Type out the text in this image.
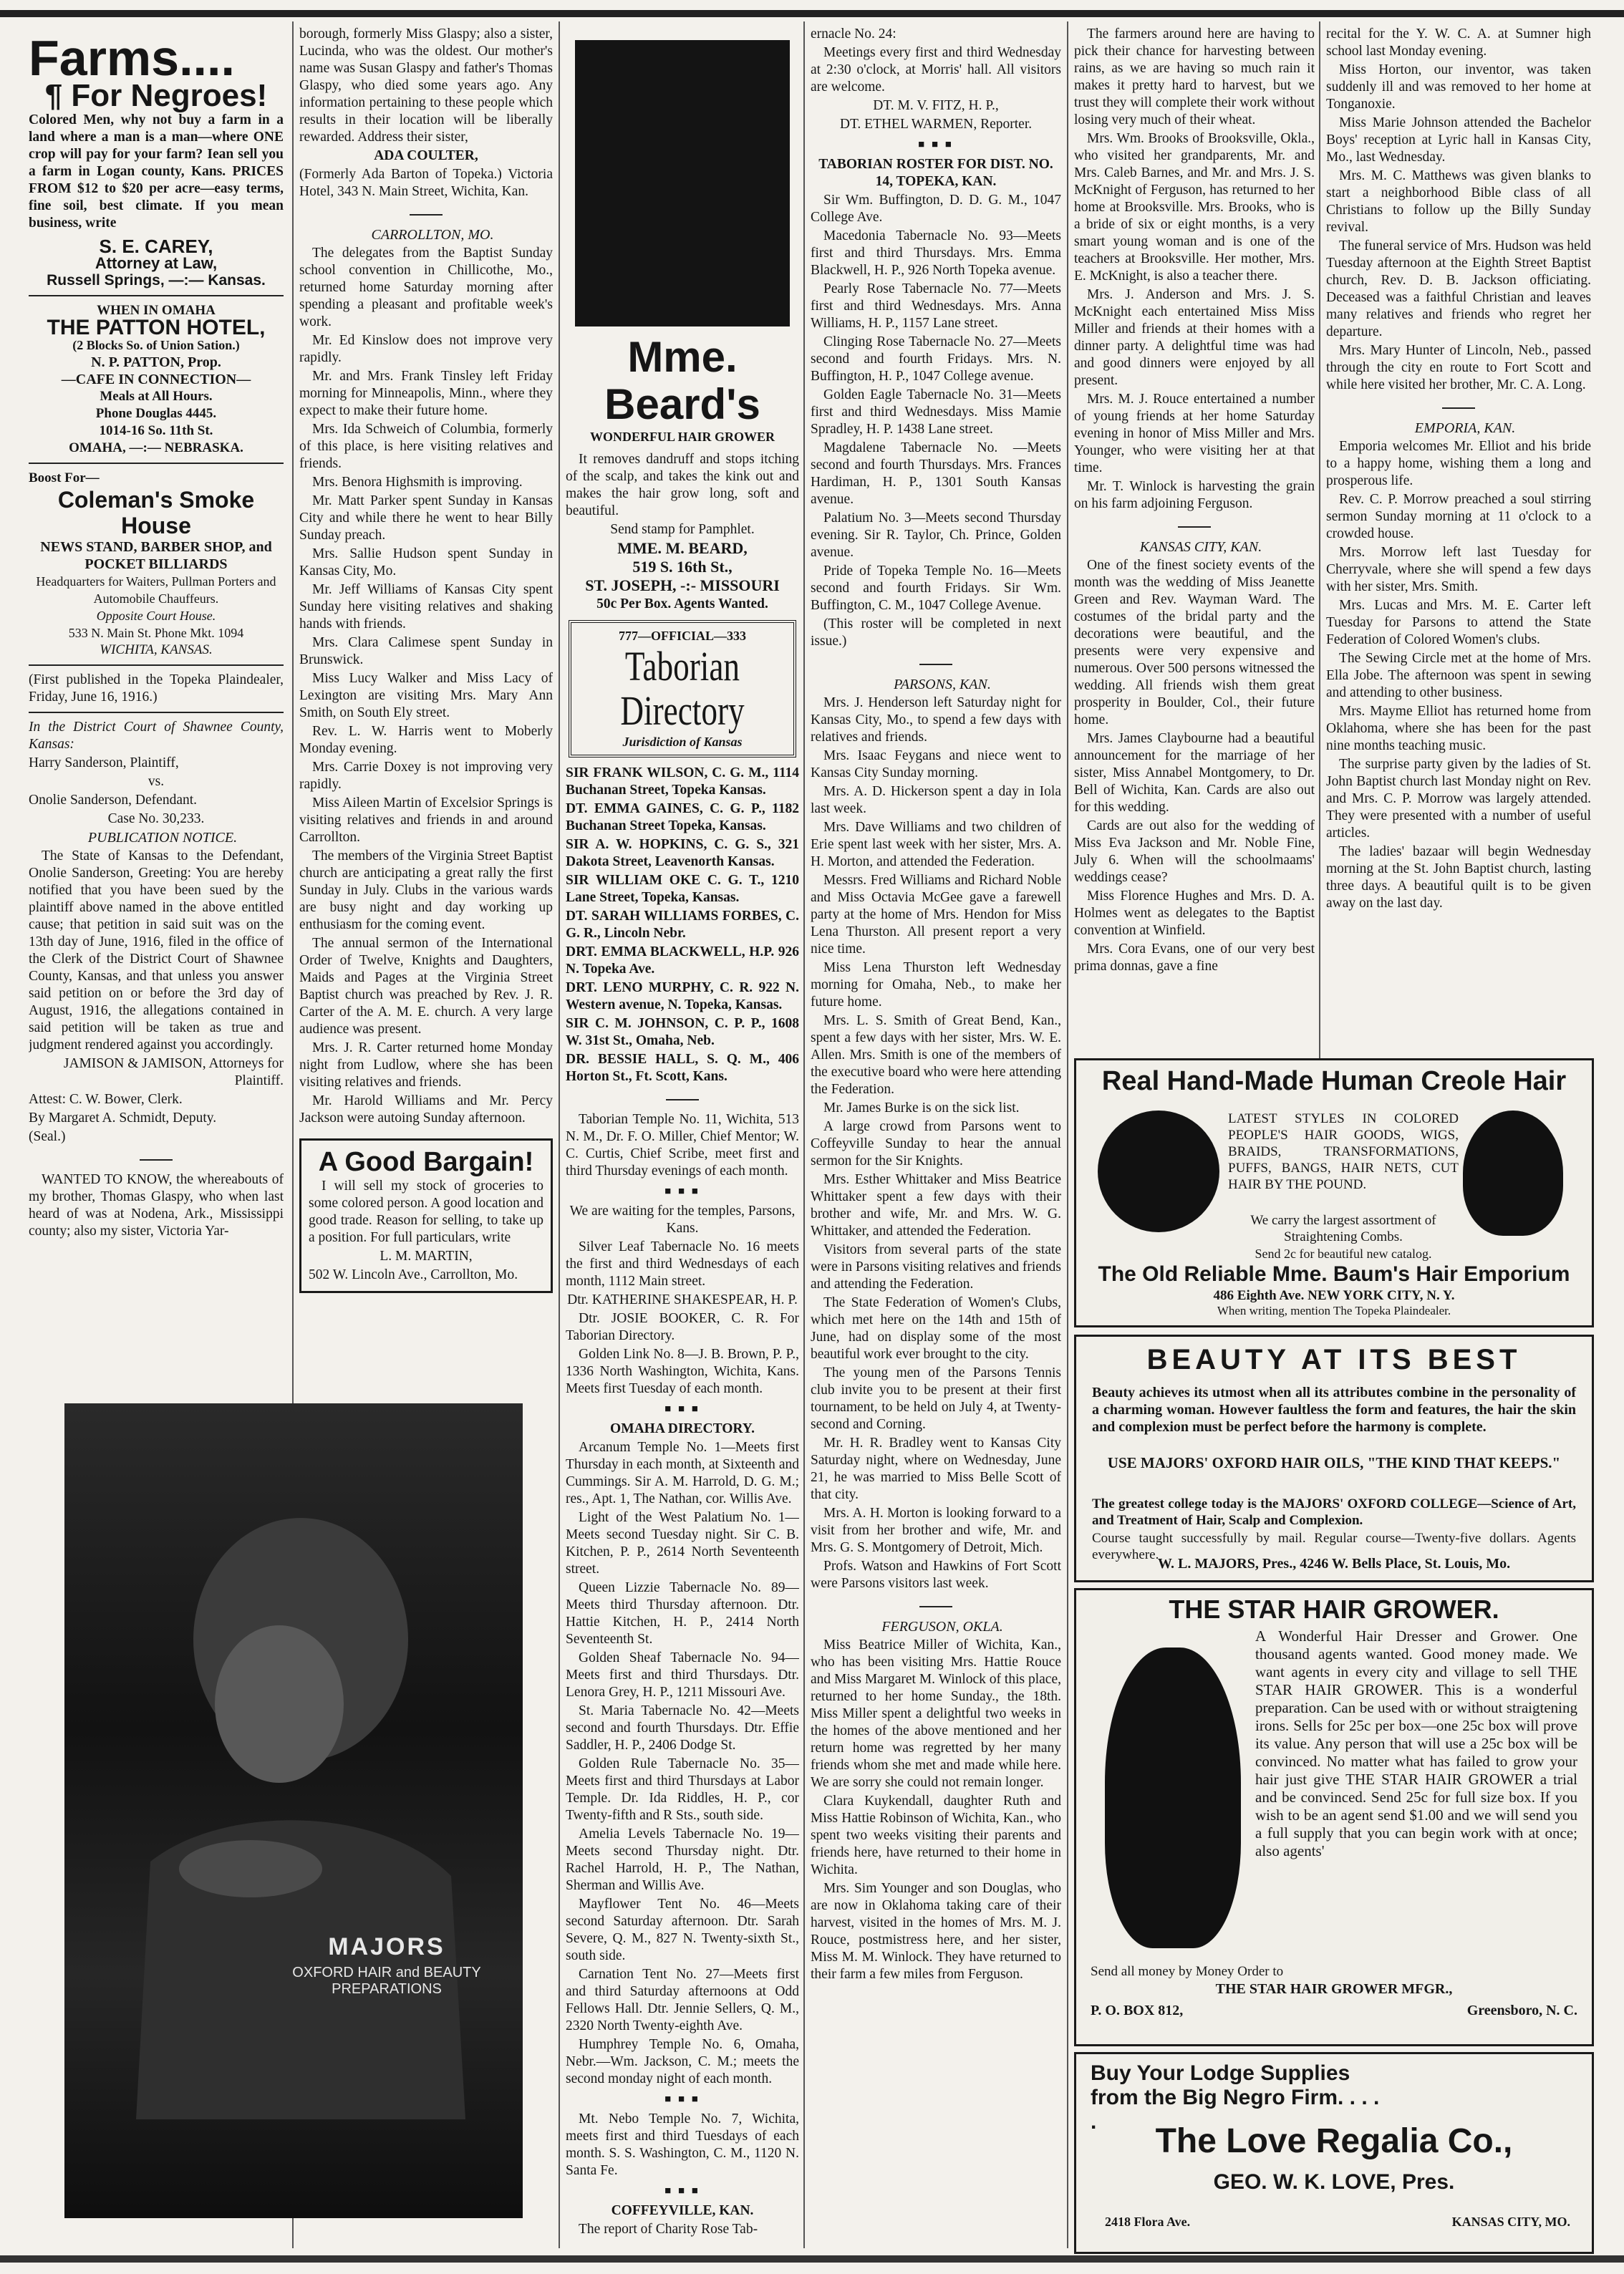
Farms....
¶ For Negroes!

Colored Men, why not buy a farm in a land where a man is a man—where ONE crop will pay for your farm? Iean sell you a farm in Logan county, Kans. PRICES FROM $12 to $20 per acre—easy terms, fine soil, best climate. If you mean business, write

S. E. CAREY,
Attorney at Law,
Russell Springs, —:— Kansas.
WHEN IN OMAHA
THE PATTON HOTEL,
(2 Blocks So. of Union Sation.)
N. P. PATTON, Prop.
—CAFE IN CONNECTION—
Meals at All Hours.
Phone Douglas 4445.
1014-16 So. 11th St.
OMAHA, —:— NEBRASKA.
Boost For—
Coleman's Smoke House
NEWS STAND, BARBER SHOP, and
POCKET BILLIARDS
Headquarters for Waiters, Pullman Porters and Automobile Chauffeurs.
Opposite Court House.
533 N. Main St. Phone Mkt. 1094
WICHITA, KANSAS.

(First published in the Topeka Plaindealer, Friday, June 16, 1916.)

In the District Court of Shawnee County, Kansas:

Harry Sanderson, Plaintiff,

vs.

Onolie Sanderson, Defendant.

Case No. 30,233.

PUBLICATION NOTICE.

The State of Kansas to the Defendant, Onolie Sanderson, Greeting: You are hereby notified that you have been sued by the plaintiff above named in the above entitled cause; that petition in said suit was on the 13th day of June, 1916, filed in the office of the Clerk of the District Court of Shawnee County, Kansas, and that unless you answer said petition on or before the 3rd day of August, 1916, the allegations contained in said petition will be taken as true and judgment rendered against you accordingly.

JAMISON & JAMISON, Attorneys for Plaintiff.

Attest: C. W. Bower, Clerk.

By Margaret A. Schmidt, Deputy.

(Seal.)

WANTED TO KNOW, the whereabouts of my brother, Thomas Glaspy, who when last heard of was at Nodena, Ark., Mississippi county; also my sister, Victoria Yar-

MAJORS
OXFORD HAIR and BEAUTY PREPARATIONS

borough, formerly Miss Glaspy; also a sister, Lucinda, who was the oldest. Our mother's name was Susan Glaspy and father's Thomas Glaspy, who died some years ago. Any information pertaining to these people which results in their location will be liberally rewarded. Address their sister,

ADA COULTER,

(Formerly Ada Barton of Topeka.) Victoria Hotel, 343 N. Main Street, Wichita, Kan.

CARROLLTON, MO.

The delegates from the Baptist Sunday school convention in Chillicothe, Mo., returned home Saturday morning after spending a pleasant and profitable week's work.

Mr. Ed Kinslow does not improve very rapidly.

Mr. and Mrs. Frank Tinsley left Friday morning for Minneapolis, Minn., where they expect to make their future home.

Mrs. Ida Schweich of Columbia, formerly of this place, is here visiting relatives and friends.

Mrs. Benora Highsmith is improving.

Mr. Matt Parker spent Sunday in Kansas City and while there he went to hear Billy Sunday preach.

Mrs. Sallie Hudson spent Sunday in Kansas City, Mo.

Mr. Jeff Williams of Kansas City spent Sunday here visiting relatives and shaking hands with friends.

Mrs. Clara Calimese spent Sunday in Brunswick.

Miss Lucy Walker and Miss Lacy of Lexington are visiting Mrs. Mary Ann Smith, on South Ely street.

Rev. L. W. Harris went to Moberly Monday evening.

Mrs. Carrie Doxey is not improving very rapidly.

Miss Aileen Martin of Excelsior Springs is visiting relatives and friends in and around Carrollton.

The members of the Virginia Street Baptist church are anticipating a great rally the first Sunday in July. Clubs in the various wards are busy night and day working up enthusiasm for the coming event.

The annual sermon of the International Order of Twelve, Knights and Daughters, Maids and Pages at the Virginia Street Baptist church was preached by Rev. J. R. Carter of the A. M. E. church. A very large audience was present.

Mrs. J. R. Carter returned home Monday night from Ludlow, where she has been visiting relatives and friends.

Mr. Harold Williams and Mr. Percy Jackson were autoing Sunday afternoon.

A Good Bargain!

I will sell my stock of groceries to some colored person. A good location and good trade. Reason for selling, to take up a position. For full particulars, write

L. M. MARTIN,

502 W. Lincoln Ave., Carrollton, Mo.

Mme. Beard's
WONDERFUL HAIR GROWER

It removes dandruff and stops itching of the scalp, and takes the kink out and makes the hair grow long, soft and beautiful.

Send stamp for Pamphlet.

MME. M. BEARD,

519 S. 16th St.,

ST. JOSEPH, -:- MISSOURI

50c Per Box. Agents Wanted.

777—OFFICIAL—333
Taborian Directory
Jurisdiction of Kansas

SIR FRANK WILSON, C. G. M., 1114 Buchanan Street, Topeka Kansas.

DT. EMMA GAINES, C. G. P., 1182 Buchanan Street Topeka, Kansas.

SIR A. W. HOPKINS, C. G. S., 321 Dakota Street, Leavenorth Kansas.

SIR WILLIAM OKE C. G. T., 1210 Lane Street, Topeka, Kansas.

DT. SARAH WILLIAMS FORBES, C. G. R., Lincoln Nebr.

DRT. EMMA BLACKWELL, H.P. 926 N. Topeka Ave.

DRT. LENO MURPHY, C. R. 922 N. Western avenue, N. Topeka, Kansas.

SIR C. M. JOHNSON, C. P. P., 1608 W. 31st St., Omaha, Neb.

DR. BESSIE HALL, S. Q. M., 406 Horton St., Ft. Scott, Kans.

Taborian Temple No. 11, Wichita, 513 N. M., Dr. F. O. Miller, Chief Mentor; W. C. Curtis, Chief Scribe, meet first and third Thursday evenings of each month.

■ ■ ■

We are waiting for the temples, Parsons, Kans.

Silver Leaf Tabernacle No. 16 meets the first and third Wednesdays of each month, 1112 Main street.

Dtr. KATHERINE SHAKESPEAR, H. P.

Dtr. JOSIE BOOKER, C. R. For Taborian Directory.

Golden Link No. 8—J. B. Brown, P. P., 1336 North Washington, Wichita, Kans. Meets first Tuesday of each month.

■ ■ ■

OMAHA DIRECTORY.

Arcanum Temple No. 1—Meets first Thursday in each month, at Sixteenth and Cummings. Sir A. M. Harrold, D. G. M.; res., Apt. 1, The Nathan, cor. Willis Ave.

Light of the West Palatium No. 1—Meets second Tuesday night. Sir C. B. Kitchen, P. P., 2614 North Seventeenth street.

Queen Lizzie Tabernacle No. 89—Meets third Thursday afternoon. Dtr. Hattie Kitchen, H. P., 2414 North Seventeenth St.

Golden Sheaf Tabernacle No. 94—Meets first and third Thursdays. Dtr. Lenora Grey, H. P., 1211 Missouri Ave.

St. Maria Tabernacle No. 42—Meets second and fourth Thursdays. Dtr. Effie Saddler, H. P., 2406 Dodge St.

Golden Rule Tabernacle No. 35—Meets first and third Thursdays at Labor Temple. Dr. Ida Riddles, H. P., cor Twenty-fifth and R Sts., south side.

Amelia Levels Tabernacle No. 19—Meets second Thursday night. Dtr. Rachel Harrold, H. P., The Nathan, Sherman and Willis Ave.

Mayflower Tent No. 46—Meets second Saturday afternoon. Dtr. Sarah Severe, Q. M., 827 N. Twenty-sixth St., south side.

Carnation Tent No. 27—Meets first and third Saturday afternoons at Odd Fellows Hall. Dtr. Jennie Sellers, Q. M., 2320 North Twenty-eighth Ave.

Humphrey Temple No. 6, Omaha, Nebr.—Wm. Jackson, C. M.; meets the second monday night of each month.

■ ■ ■

Mt. Nebo Temple No. 7, Wichita, meets first and third Tuesdays of each month. S. S. Washington, C. M., 1120 N. Santa Fe.

■ ■ ■

COFFEYVILLE, KAN.

The report of Charity Rose Tab-

ernacle No. 24:

Meetings every first and third Wednesday at 2:30 o'clock, at Morris' hall. All visitors are welcome.

DT. M. V. FITZ, H. P.,

DT. ETHEL WARMEN, Reporter.

■ ■ ■

TABORIAN ROSTER FOR DIST. NO. 14, TOPEKA, KAN.

Sir Wm. Buffington, D. D. G. M., 1047 College Ave.

Macedonia Tabernacle No. 93—Meets first and third Thursdays. Mrs. Emma Blackwell, H. P., 926 North Topeka avenue.

Pearly Rose Tabernacle No. 77—Meets first and third Wednesdays. Mrs. Anna Williams, H. P., 1157 Lane street.

Clinging Rose Tabernacle No. 27—Meets second and fourth Fridays. Mrs. N. Buffington, H. P., 1047 College avenue.

Golden Eagle Tabernacle No. 31—Meets first and third Wednesdays. Miss Mamie Spradley, H. P. 1438 Lane street.

Magdalene Tabernacle No. —Meets second and fourth Thursdays. Mrs. Frances Hardiman, H. P., 1301 South Kansas avenue.

Palatium No. 3—Meets second Thursday evening. Sir R. Taylor, Ch. Prince, Golden avenue.

Pride of Topeka Temple No. 16—Meets second and fourth Fridays. Sir Wm. Buffington, C. M., 1047 College Avenue.

(This roster will be completed in next issue.)

PARSONS, KAN.

Mrs. J. Henderson left Saturday night for Kansas City, Mo., to spend a few days with relatives and friends.

Mrs. Isaac Feygans and niece went to Kansas City Sunday morning.

Mrs. A. D. Hickerson spent a day in Iola last week.

Mrs. Dave Williams and two children of Erie spent last week with her sister, Mrs. A. H. Morton, and attended the Federation.

Messrs. Fred Williams and Richard Noble and Miss Octavia McGee gave a farewell party at the home of Mrs. Hendon for Miss Lena Thurston. All present report a very nice time.

Miss Lena Thurston left Wednesday morning for Omaha, Neb., to make her future home.

Mrs. L. S. Smith of Great Bend, Kan., spent a few days with her sister, Mrs. W. E. Allen. Mrs. Smith is one of the members of the executive board who were here attending the Federation.

Mr. James Burke is on the sick list.

A large crowd from Parsons went to Coffeyville Sunday to hear the annual sermon for the Sir Knights.

Mrs. Esther Whittaker and Miss Beatrice Whittaker spent a few days with their brother and wife, Mr. and Mrs. W. G. Whittaker, and attended the Federation.

Visitors from several parts of the state were in Parsons visiting relatives and friends and attending the Federation.

The State Federation of Women's Clubs, which met here on the 14th and 15th of June, had on display some of the most beautiful work ever brought to the city.

The young men of the Parsons Tennis club invite you to be present at their first tournament, to be held on July 4, at Twenty-second and Corning.

Mr. H. R. Bradley went to Kansas City Saturday night, where on Wednesday, June 21, he was married to Miss Belle Scott of that city.

Mrs. A. H. Morton is looking forward to a visit from her brother and wife, Mr. and Mrs. G. S. Montgomery of Detroit, Mich.

Profs. Watson and Hawkins of Fort Scott were Parsons visitors last week.

FERGUSON, OKLA.

Miss Beatrice Miller of Wichita, Kan., who has been visiting Mrs. Hattie Rouce and Miss Margaret M. Winlock of this place, returned to her home Sunday., the 18th. Miss Miller spent a delightful two weeks in the homes of the above mentioned and her return home was regretted by her many friends whom she met and made while here. We are sorry she could not remain longer.

Clara Kuykendall, daughter Ruth and Miss Hattie Robinson of Wichita, Kan., who spent two weeks visiting their parents and friends here, have returned to their home in Wichita.

Mrs. Sim Younger and son Douglas, who are now in Oklahoma taking care of their harvest, visited in the homes of Mrs. M. J. Rouce, postmistress here, and her sister, Miss M. M. Winlock. They have returned to their farm a few miles from Ferguson.

The farmers around here are having to pick their chance for harvesting between rains, as we are having so much rain it makes it pretty hard to harvest, but we trust they will complete their work without losing very much of their wheat.

Mrs. Wm. Brooks of Brooksville, Okla., who visited her grandparents, Mr. and Mrs. Caleb Barnes, and Mr. and Mrs. J. S. McKnight of Ferguson, has returned to her home at Brooksville. Mrs. Brooks, who is a bride of six or eight months, is a very smart young woman and is one of the teachers at Brooksville. Her mother, Mrs. E. McKnight, is also a teacher there.

Mrs. J. Anderson and Mrs. J. S. McKnight each entertained Miss Miss Miller and friends at their homes with a dinner party. A delightful time was had and good dinners were enjoyed by all present.

Mrs. M. J. Rouce entertained a number of young friends at her home Saturday evening in honor of Miss Miller and Mrs. Younger, who were visiting her at that time.

Mr. T. Winlock is harvesting the grain on his farm adjoining Ferguson.

KANSAS CITY, KAN.

One of the finest society events of the month was the wedding of Miss Jeanette Green and Rev. Wayman Ward. The costumes of the bridal party and the decorations were beautiful, and the presents were very expensive and numerous. Over 500 persons witnessed the wedding. All friends wish them great prosperity in Boulder, Col., their future home.

Mrs. James Claybourne had a beautiful announcement for the marriage of her sister, Miss Annabel Montgomery, to Dr. Bell of Wichita, Kan. Cards are also out for this wedding.

Cards are out also for the wedding of Miss Eva Jackson and Mr. Noble Fine, July 6. When will the schoolmaams' weddings cease?

Miss Florence Hughes and Mrs. D. A. Holmes went as delegates to the Baptist convention at Winfield.

Mrs. Cora Evans, one of our very best prima donnas, gave a fine

recital for the Y. W. C. A. at Sumner high school last Monday evening.

Miss Horton, our inventor, was taken suddenly ill and was removed to her home at Tonganoxie.

Miss Marie Johnson attended the Bachelor Boys' reception at Lyric hall in Kansas City, Mo., last Wednesday.

Mrs. M. C. Matthews was given blanks to start a neighborhood Bible class of all Christians to follow up the Billy Sunday revival.

The funeral service of Mrs. Hudson was held Tuesday afternoon at the Eighth Street Baptist church, Rev. D. B. Jackson officiating. Deceased was a faithful Christian and leaves many relatives and friends who regret her departure.

Mrs. Mary Hunter of Lincoln, Neb., passed through the city en route to Fort Scott and while here visited her brother, Mr. C. A. Long.

EMPORIA, KAN.

Emporia welcomes Mr. Elliot and his bride to a happy home, wishing them a long and prosperous life.

Rev. C. P. Morrow preached a soul stirring sermon Sunday morning at 11 o'clock to a crowded house.

Mrs. Morrow left last Tuesday for Cherryvale, where she will spend a few days with her sister, Mrs. Smith.

Mrs. Lucas and Mrs. M. E. Carter left Tuesday for Parsons to attend the State Federation of Colored Women's clubs.

The Sewing Circle met at the home of Mrs. Ella Jobe. The afternoon was spent in sewing and attending to other business.

Mrs. Mayme Elliot has returned home from Oklahoma, where she has been for the past nine months teaching music.

The surprise party given by the ladies of St. John Baptist church last Monday night on Rev. and Mrs. C. P. Morrow was largely attended. They were presented with a number of useful articles.

The ladies' bazaar will begin Wednesday morning at the St. John Baptist church, lasting three days. A beautiful quilt is to be given away on the last day.

Real Hand-Made Human Creole Hair
LATEST STYLES IN COLORED PEOPLE'S HAIR GOODS, WIGS, BRAIDS, TRANSFORMATIONS, PUFFS, BANGS, HAIR NETS, CUT HAIR BY THE POUND.
We carry the largest assortment of Straightening Combs.
Send 2c for beautiful new catalog.
The Old Reliable Mme. Baum's Hair Emporium
486 Eighth Ave. NEW YORK CITY, N. Y.
When writing, mention The Topeka Plaindealer.
BEAUTY AT ITS BEST
Beauty achieves its utmost when all its attributes combine in the personality of a charming woman. However faultless the form and features, the hair the skin and complexion must be perfect before the harmony is complete.
USE MAJORS' OXFORD HAIR OILS, "THE KIND THAT KEEPS."
The greatest college today is the MAJORS' OXFORD COLLEGE—Science of Art, and Treatment of Hair, Scalp and Complexion.
Course taught successfully by mail. Regular course—Twenty-five dollars. Agents everywhere.
W. L. MAJORS, Pres., 4246 W. Bells Place, St. Louis, Mo.
THE STAR HAIR GROWER.
A Wonderful Hair Dresser and Grower. One thousand agents wanted. Good money made. We want agents in every city and village to sell THE STAR HAIR GROWER. This is a wonderful preparation. Can be used with or without straigtening irons. Sells for 25c per box—one 25c box will prove its value. Any person that will use a 25c box will be convinced. No matter what has failed to grow your hair just give THE STAR HAIR GROWER a trial and be convinced. Send 25c for full size box. If you wish to be an agent send $1.00 and we will send you a full supply that you can begin work with at once; also agents'
Send all money by Money Order to
THE STAR HAIR GROWER MFGR.,
P. O. BOX 812,	Greensboro, N. C.
Buy Your Lodge Supplies from the Big Negro Firm. . . . .
The Love Regalia Co.,
GEO. W. K. LOVE, Pres.
2418 Flora Ave.	KANSAS CITY, MO.
